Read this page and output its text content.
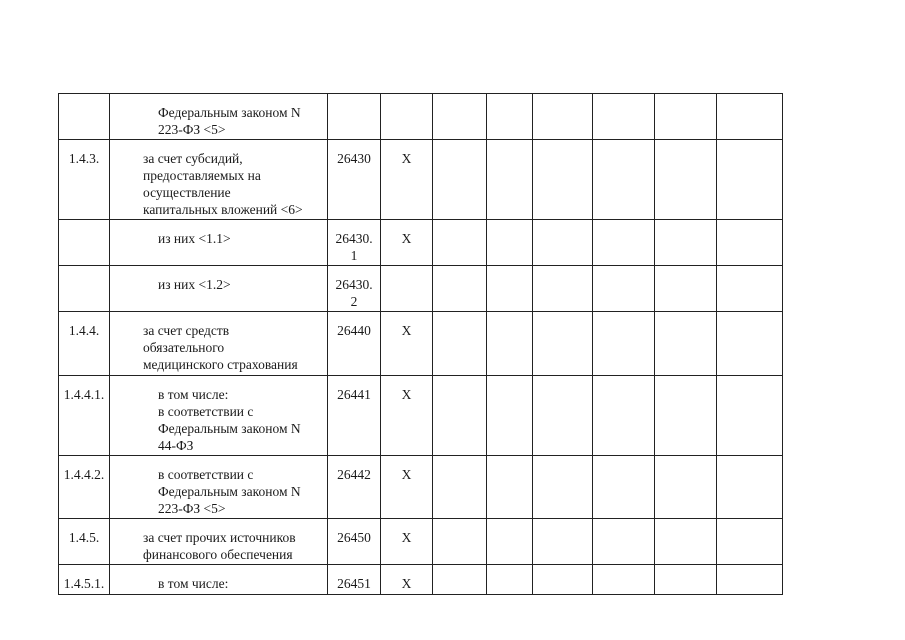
	Федеральным законом N
223-ФЗ <5>								

1.4.3.	за счет субсидий,
предоставляемых на
осуществление
капитальных вложений <6>	26430	X						

	из них <1.1>	26430.
1	X						

	из них <1.2>	26430.
2							
1.4.4.	за счет средств
обязательного
медицинского страхования	26440	X						
1.4.4.1.	в том числе:
в соответствии с
Федеральным законом N
44-ФЗ	26441	X						
1.4.4.2.	в соответствии с
Федеральным законом N
223-ФЗ <5>	26442	X						
1.4.5.	за счет прочих источников
финансового обеспечения	26450	X						
1.4.5.1.	в том числе:	26451	X						
